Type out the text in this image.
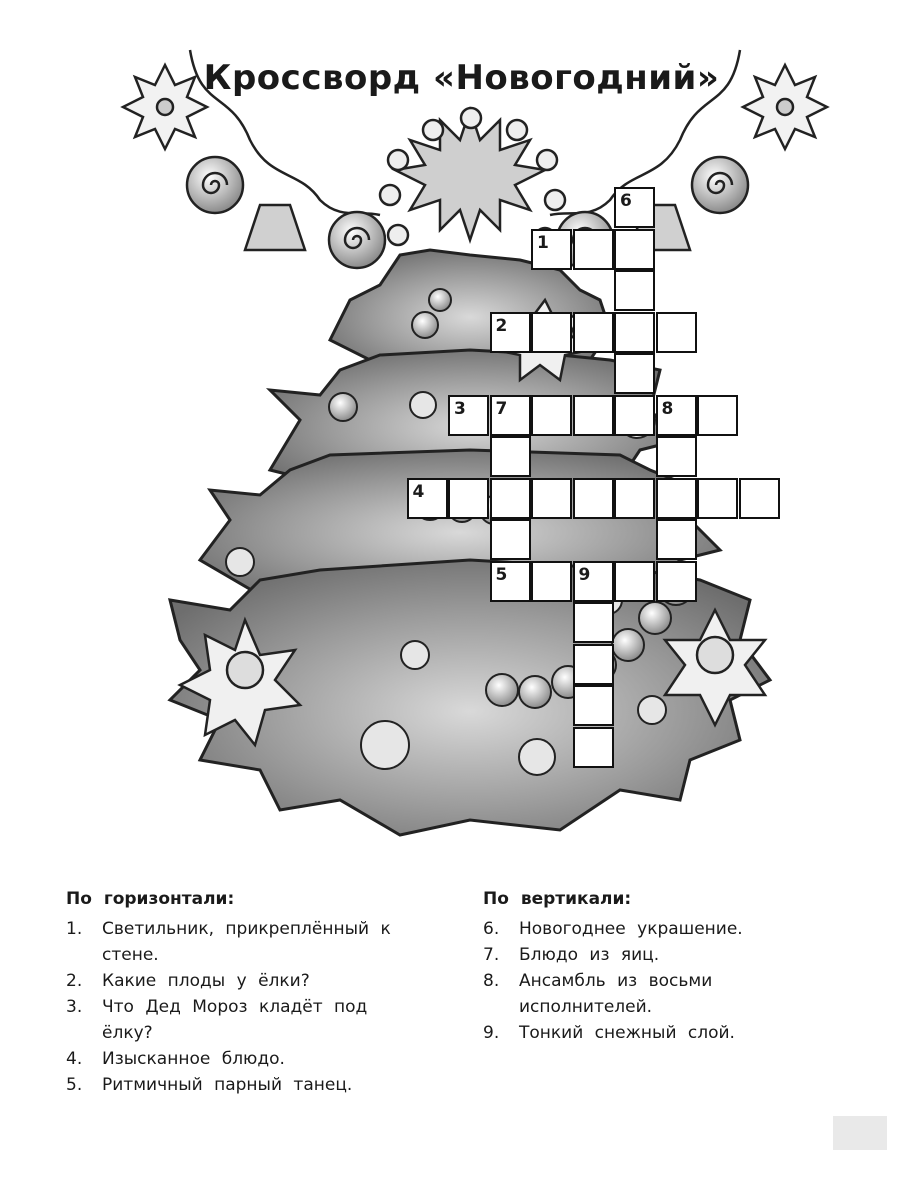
Кроссворд «Новогодний»
6
1
2
3 7	8
4
5	9
По горизонтали:
1. Светильник, прикреплённый к стене.
2. Какие плоды у ёлки?
3. Что Дед Мороз кладёт под ёлку?
4. Изысканное блюдо.
5. Ритмичный парный танец.
По вертикали:
6. Новогоднее украшение.
7. Блюдо из яиц.
8. Ансамбль из восьми исполнителей.
9. Тонкий снежный слой.
